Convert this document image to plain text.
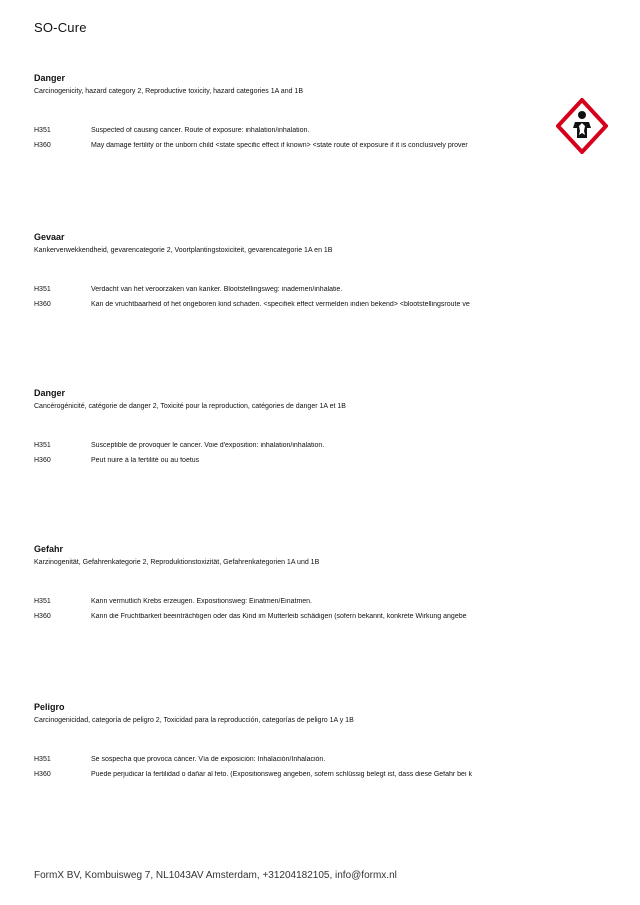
SO-Cure
Danger
Carcinogenicity, hazard category 2, Reproductive toxicity, hazard categories 1A and 1B
H351	Suspected of causing cancer. Route of exposure: inhalation/inhalation.
H360	May damage fertility or the unborn child <state specific effect if known> <state route of exposure if it is conclusively prover
Gevaar
Kankerverwekkendheid, gevarencategorie 2, Voortplantingstoxiciteit, gevarencategorie 1A en 1B
H351	Verdacht van het veroorzaken van kanker. Blootstellingsweg: inademen/inhalatie.
H360	Kan de vruchtbaarheid of het ongeboren kind schaden. <specifiek effect vermelden indien bekend> <blootstellingsroute ve
Danger
Cancérogénicité, catégorie de danger 2, Toxicité pour la reproduction, catégories de danger 1A et 1B
H351	Susceptible de provoquer le cancer. Voie d'exposition: inhalation/inhalation.
H360	Peut nuire à la fertilité ou au foetus
Gefahr
Karzinogenität, Gefahrenkategorie 2, Reproduktionstoxizität, Gefahrenkategorien 1A und 1B
H351	Kann vermutlich Krebs erzeugen. Expositionsweg: Einatmen/Einatmen.
H360	Kann die Fruchtbarkeit beeinträchtigen oder das Kind im Mutterleib schädigen (sofern bekannt, konkrete Wirkung angebe
Peligro
Carcinogenicidad, categoría de peligro 2, Toxicidad para la reproducción, categorías de peligro 1A y 1B
H351	Se sospecha que provoca cáncer. Vía de exposición: Inhalación/Inhalación.
H360	Puede perjudicar la fertilidad o dañar al feto. (Expositionsweg angeben, sofern schlüssig belegt ist, dass diese Gefahr bei k
FormX BV, Kombuisweg 7, NL1043AV Amsterdam, +31204182105, info@formx.nl
